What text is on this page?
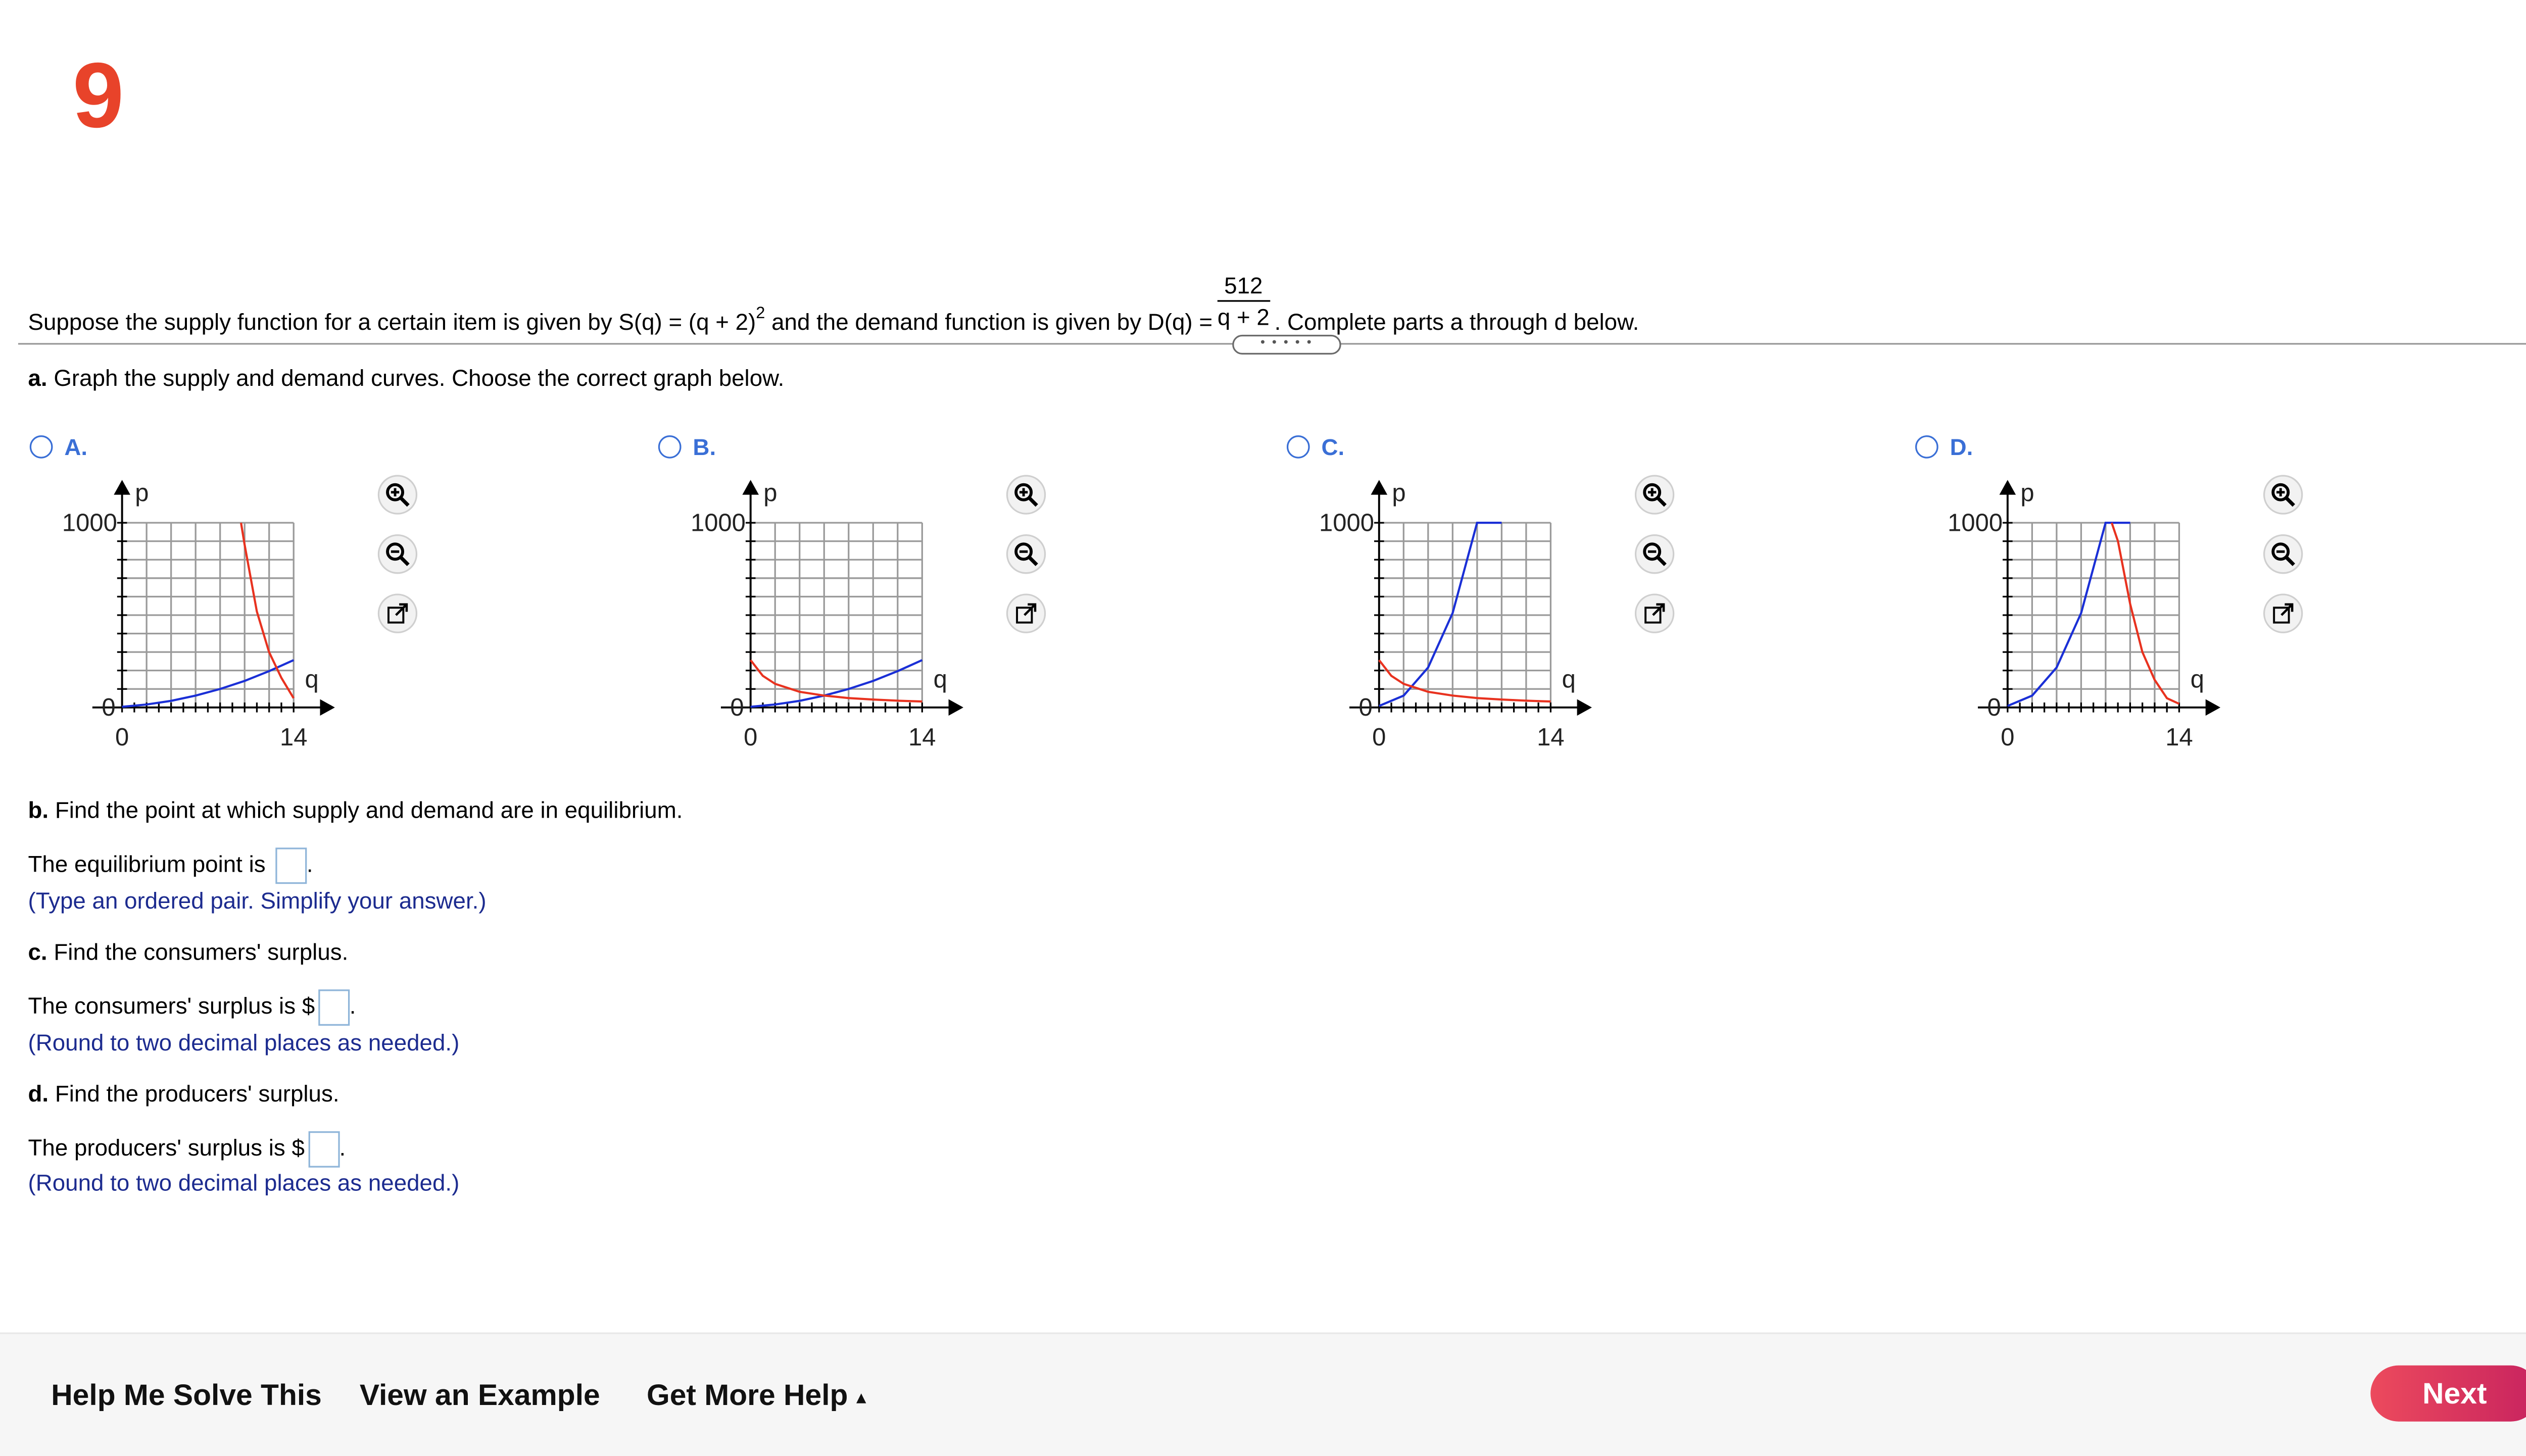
9
Suppose the supply function for a certain item is given by $S(q) = (q + 2)^2$ and the demand function is given by $D(q) = \frac{512}{q + 2}$ . Complete parts a through d below.
• • • • •
a. Graph the supply and demand curves. Choose the correct graph below.
A.
1000
0
0	14
p
q
B.
1000
0
0	14
p
q
C.
1000
0
0	14
p
q
D.
1000
0
0	14
p
q
b. Find the point at which supply and demand are in equilibrium.
The equilibrium point is	.
(Type an ordered pair. Simplify your answer.)
c. Find the consumers' surplus.
The consumers' surplus is $	.
(Round to two decimal places as needed.)
d. Find the producers' surplus.
The producers' surplus is $	.
(Round to two decimal places as needed.)
Help Me Solve This	View an Example	Get More Help ▴	Next
